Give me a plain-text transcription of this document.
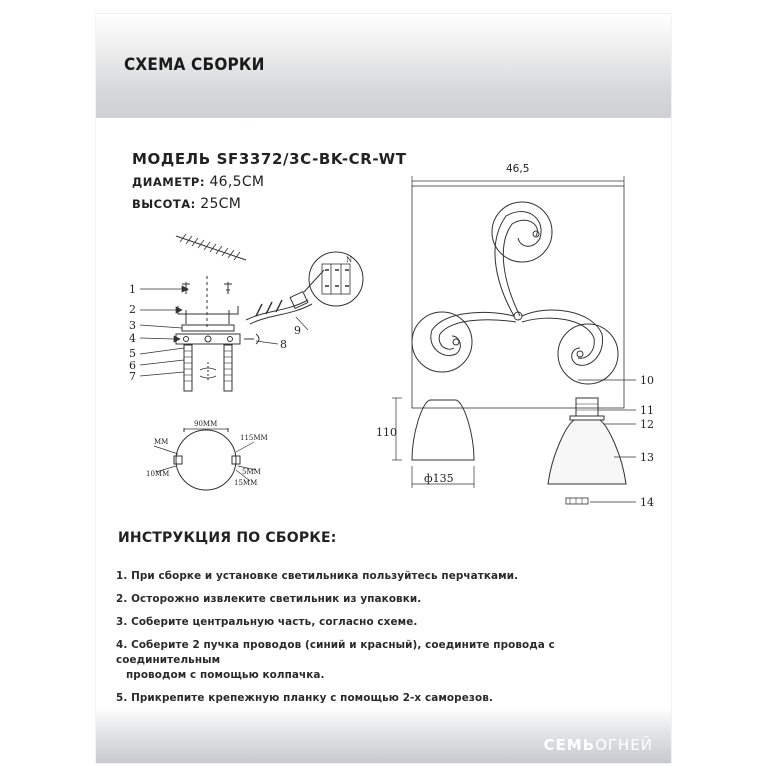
СХЕМА СБОРКИ
МОДЕЛЬ SF3372/3C-BK-CR-WT
ДИАМЕТР: 46,5СМ
ВЫСОТА: 25СМ
1
2
3
4
5
6
7
8
9
10
11
12
13
14
110
ф135
46,5
90MM
115MM
MM
10MM	5MM
15MM
N
ИНСТРУКЦИЯ ПО СБОРКЕ:
1. При сборке и установке светильника пользуйтесь перчатками.
2. Осторожно извлеките светильник из упаковки.
3. Соберите центральную часть, согласно схеме.
4. Соберите 2 пучка проводов (синий и красный), соедините провода с соединительным
проводом с помощью колпачка.
5. Прикрепите крепежную планку с помощью 2-х саморезов.
СЕМЬОГНЕЙ
